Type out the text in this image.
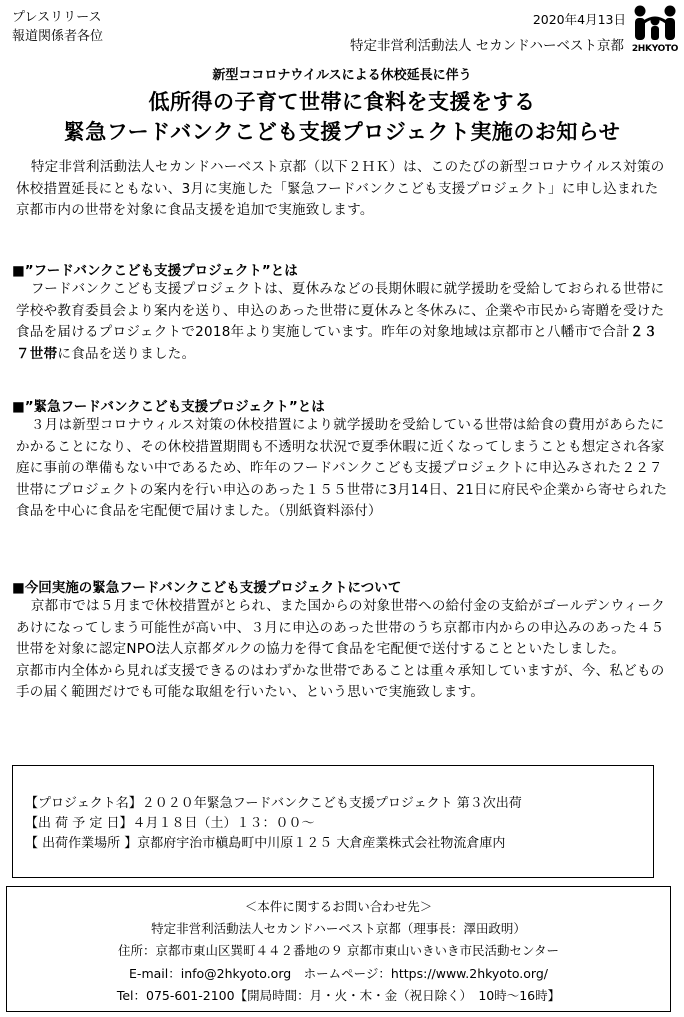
プレスリリース
報道関係者各位
2020年4月13日
特定非営利活動法人 セカンドハーベスト京都 2HKYOTO
新型ココロナウイルスによる休校延長に伴う
低所得の子育て世帯に食料を支援をする
緊急フードバンクこども支援プロジェクト実施のお知らせ
特定非営利活動法人セカンドハーベスト京都（以下２ＨＫ）は、このたびの新型コロナウイルス対策の休校措置延長にともない、3月に実施した「緊急フードバンクこども支援プロジェクト」に申し込まれた京都市内の世帯を対象に食品支援を追加で実施致します。
■”フードバンクこども支援プロジェクト”とは
フードバンクこども支援プロジェクトは、夏休みなどの長期休暇に就学援助を受給しておられる世帯に学校や教育委員会より案内を送り、申込のあった世帯に夏休みと冬休みに、企業や市民から寄贈を受けた食品を届けるプロジェクトで2018年より実施しています。昨年の対象地域は京都市と八幡市で合計２３７世帯に食品を送りました。
■”緊急フードバンクこども支援プロジェクト”とは
３月は新型コロナウィルス対策の休校措置により就学援助を受給している世帯は給食の費用があらたにかかることになり、その休校措置期間も不透明な状況で夏季休暇に近くなってしまうことも想定され各家庭に事前の準備もない中であるため、昨年のフードバンクこども支援プロジェクトに申込みされた２２７世帯にプロジェクトの案内を行い申込のあった１５５世帯に3月14日、21日に府民や企業から寄せられた食品を中心に食品を宅配便で届けました。（別紙資料添付）
■今回実施の緊急フードバンクこども支援プロジェクトについて

京都市では５月まで休校措置がとられ、また国からの対象世帯への給付金の支給がゴールデンウィークあけになってしまう可能性が高い中、３月に申込のあった世帯のうち京都市内からの申込みのあった４５世帯を対象に認定NPO法人京都ダルクの協力を得て食品を宅配便で送付することといたしました。

京都市内全体から見れば支援できるのはわずかな世帯であることは重々承知していますが、今、私どもの手の届く範囲だけでも可能な取組を行いたい、という思いで実施致します。

【プロジェクト名】２０２０年緊急フードバンクこども支援プロジェクト 第３次出荷
【出 荷 予 定 日】４月１８日（土）１３：００～
【 出荷作業場所 】京都府宇治市槇島町中川原１２５ 大倉産業株式会社物流倉庫内
＜本件に関するお問い合わせ先＞
特定非営利活動法人セカンドハーベスト京都（理事長：澤田政明）
住所：京都市東山区巽町４４２番地の９ 京都市東山いきいき市民活動センター
E-mail：info@2hkyoto.org　ホームページ：https://www.2hkyoto.org/
Tel：075-601-2100【開局時間：月・火・木・金（祝日除く）　10時～16時】
